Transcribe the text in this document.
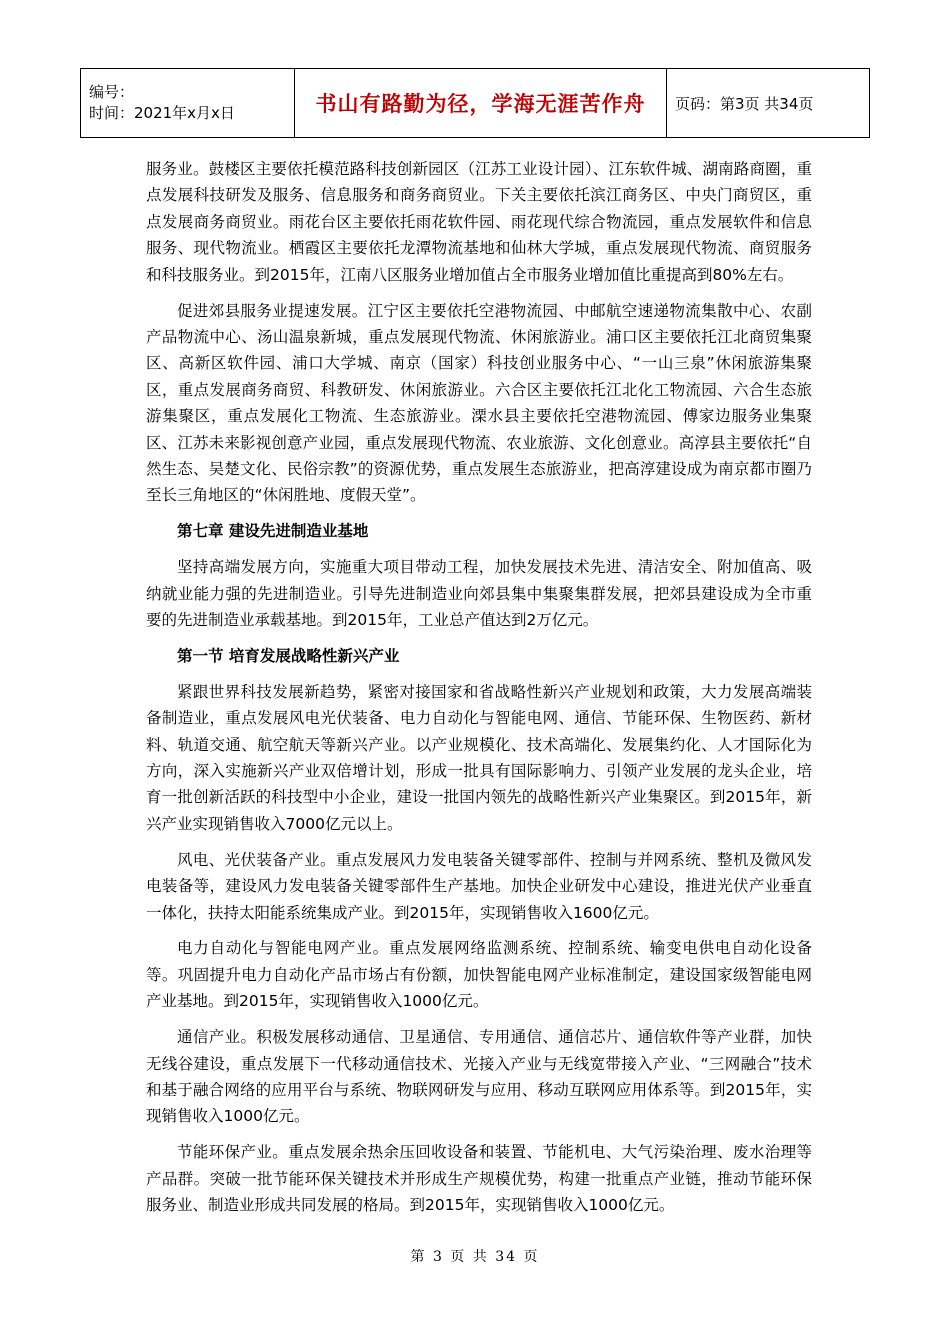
编号：
时间：2021年x月x日	书山有路勤为径，学海无涯苦作舟	页码：第3页 共34页

服务业。鼓楼区主要依托模范路科技创新园区（江苏工业设计园）、江东软件城、湖南路商圈，重点发展科技研发及服务、信息服务和商务商贸业。下关主要依托滨江商务区、中央门商贸区，重点发展商务商贸业。雨花台区主要依托雨花软件园、雨花现代综合物流园，重点发展软件和信息服务、现代物流业。栖霞区主要依托龙潭物流基地和仙林大学城，重点发展现代物流、商贸服务和科技服务业。到2015年，江南八区服务业增加值占全市服务业增加值比重提高到80%左右。

促进郊县服务业提速发展。江宁区主要依托空港物流园、中邮航空速递物流集散中心、农副产品物流中心、汤山温泉新城，重点发展现代物流、休闲旅游业。浦口区主要依托江北商贸集聚区、高新区软件园、浦口大学城、南京（国家）科技创业服务中心、“一山三泉”休闲旅游集聚区，重点发展商务商贸、科教研发、休闲旅游业。六合区主要依托江北化工物流园、六合生态旅游集聚区，重点发展化工物流、生态旅游业。溧水县主要依托空港物流园、傅家边服务业集聚区、江苏未来影视创意产业园，重点发展现代物流、农业旅游、文化创意业。高淳县主要依托“自然生态、吴楚文化、民俗宗教”的资源优势，重点发展生态旅游业，把高淳建设成为南京都市圈乃至长三角地区的“休闲胜地、度假天堂”。

第七章 建设先进制造业基地

坚持高端发展方向，实施重大项目带动工程，加快发展技术先进、清洁安全、附加值高、吸纳就业能力强的先进制造业。引导先进制造业向郊县集中集聚集群发展，把郊县建设成为全市重要的先进制造业承载基地。到2015年，工业总产值达到2万亿元。

第一节 培育发展战略性新兴产业

紧跟世界科技发展新趋势，紧密对接国家和省战略性新兴产业规划和政策，大力发展高端装备制造业，重点发展风电光伏装备、电力自动化与智能电网、通信、节能环保、生物医药、新材料、轨道交通、航空航天等新兴产业。以产业规模化、技术高端化、发展集约化、人才国际化为方向，深入实施新兴产业双倍增计划，形成一批具有国际影响力、引领产业发展的龙头企业，培育一批创新活跃的科技型中小企业，建设一批国内领先的战略性新兴产业集聚区。到2015年，新兴产业实现销售收入7000亿元以上。

风电、光伏装备产业。重点发展风力发电装备关键零部件、控制与并网系统、整机及微风发电装备等，建设风力发电装备关键零部件生产基地。加快企业研发中心建设，推进光伏产业垂直一体化，扶持太阳能系统集成产业。到2015年，实现销售收入1600亿元。

电力自动化与智能电网产业。重点发展网络监测系统、控制系统、输变电供电自动化设备等。巩固提升电力自动化产品市场占有份额，加快智能电网产业标准制定，建设国家级智能电网产业基地。到2015年，实现销售收入1000亿元。

通信产业。积极发展移动通信、卫星通信、专用通信、通信芯片、通信软件等产业群，加快无线谷建设，重点发展下一代移动通信技术、光接入产业与无线宽带接入产业、“三网融合”技术和基于融合网络的应用平台与系统、物联网研发与应用、移动互联网应用体系等。到2015年，实现销售收入1000亿元。

节能环保产业。重点发展余热余压回收设备和装置、节能机电、大气污染治理、废水治理等产品群。突破一批节能环保关键技术并形成生产规模优势，构建一批重点产业链，推动节能环保服务业、制造业形成共同发展的格局。到2015年，实现销售收入1000亿元。

第 3 页 共 34 页
